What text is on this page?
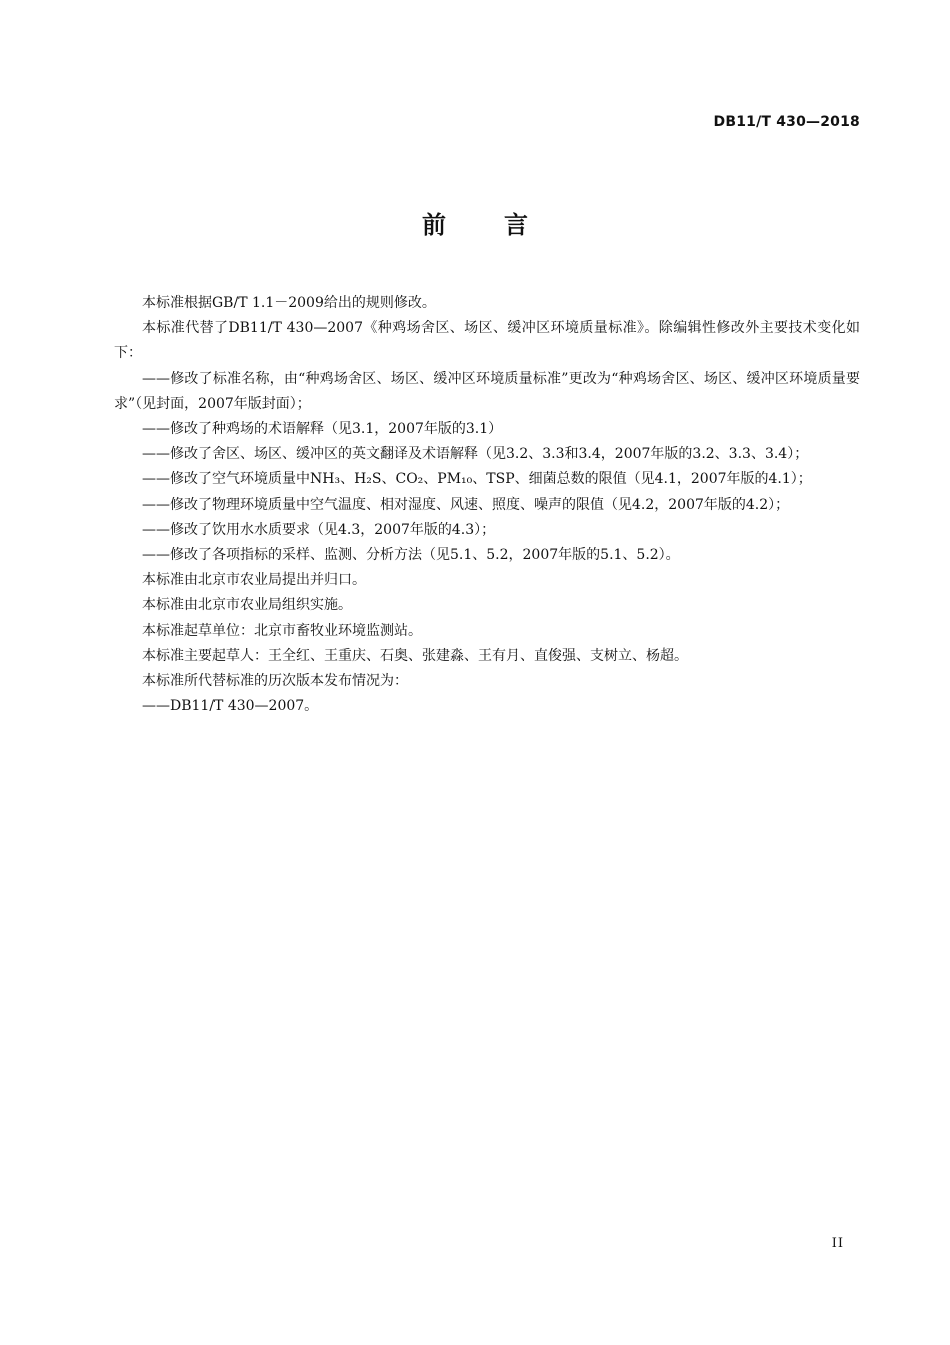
DB11/T 430—2018
前言

本标准根据GB/T 1.1－2009给出的规则修改。

本标准代替了DB11/T 430—2007《种鸡场舍区、场区、缓冲区环境质量标准》。除编辑性修改外主要技术变化如下：

——修改了标准名称，由“种鸡场舍区、场区、缓冲区环境质量标准”更改为“种鸡场舍区、场区、缓冲区环境质量要求”（见封面，2007年版封面）；

——修改了种鸡场的术语解释（见3.1，2007年版的3.1）

——修改了舍区、场区、缓冲区的英文翻译及术语解释（见3.2、3.3和3.4，2007年版的3.2、3.3、3.4）；

——修改了空气环境质量中NH₃、H₂S、CO₂、PM₁₀、TSP、细菌总数的限值（见4.1，2007年版的4.1）；

——修改了物理环境质量中空气温度、相对湿度、风速、照度、噪声的限值（见4.2，2007年版的4.2）；

——修改了饮用水水质要求（见4.3，2007年版的4.3）；

——修改了各项指标的采样、监测、分析方法（见5.1、5.2，2007年版的5.1、5.2）。

本标准由北京市农业局提出并归口。

本标准由北京市农业局组织实施。

本标准起草单位：北京市畜牧业环境监测站。

本标准主要起草人：王全红、王重庆、石奥、张建淼、王有月、直俊强、支树立、杨超。

本标准所代替标准的历次版本发布情况为：

——DB11/T 430—2007。

II
